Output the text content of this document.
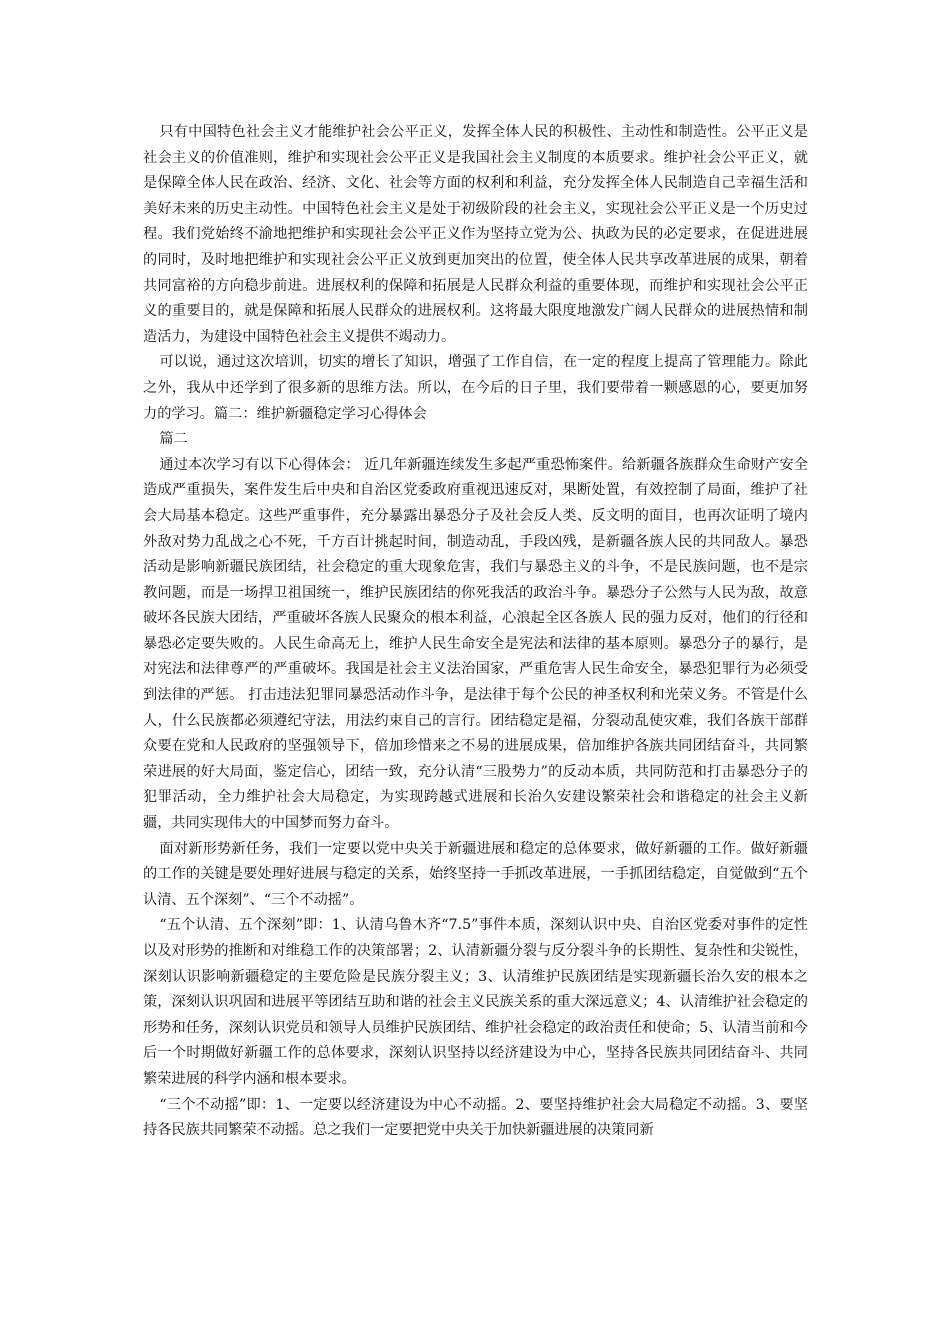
只有中国特色社会主义才能维护社会公平正义，发挥全体人民的积极性、主动性和制造性。公平正义是社会主义的价值准则，维护和实现社会公平正义是我国社会主义制度的本质要求。维护社会公平正义，就是保障全体人民在政治、经济、文化、社会等方面的权利和利益，充分发挥全体人民制造自己幸福生活和美好未来的历史主动性。中国特色社会主义是处于初级阶段的社会主义，实现社会公平正义是一个历史过程。我们党始终不渝地把维护和实现社会公平正义作为坚持立党为公、执政为民的必定要求，在促进进展的同时，及时地把维护和实现社会公平正义放到更加突出的位置，使全体人民共享改革进展的成果，朝着共同富裕的方向稳步前进。进展权利的保障和拓展是人民群众利益的重要体现，而维护和实现社会公平正义的重要目的，就是保障和拓展人民群众的进展权利。这将最大限度地激发广阔人民群众的进展热情和制造活力，为建设中国特色社会主义提供不竭动力。

可以说，通过这次培训，切实的增长了知识，增强了工作自信，在一定的程度上提高了管理能力。除此之外，我从中还学到了很多新的思维方法。所以，在今后的日子里，我们要带着一颗感恩的心，要更加努力的学习。篇二：维护新疆稳定学习心得体会

篇二

通过本次学习有以下心得体会： 近几年新疆连续发生多起严重恐怖案件。给新疆各族群众生命财产安全造成严重损失，案件发生后中央和自治区党委政府重视迅速反对，果断处置，有效控制了局面，维护了社会大局基本稳定。这些严重事件，充分暴露出暴恐分子及社会反人类、反文明的面目，也再次证明了境内外敌对势力乱战之心不死，千方百计挑起时间，制造动乱，手段凶残，是新疆各族人民的共同敌人。暴恐活动是影响新疆民族团结，社会稳定的重大现象危害，我们与暴恐主义的斗争，不是民族问题，也不是宗教问题，而是一场捍卫祖国统一，维护民族团结的你死我活的政治斗争。暴恐分子公然与人民为敌，故意破坏各民族大团结，严重破坏各族人民聚众的根本利益，心浪起全区各族人 民的强力反对，他们的行径和暴恐必定要失败的。人民生命高无上，维护人民生命安全是宪法和法律的基本原则。暴恐分子的暴行，是对宪法和法律尊严的严重破坏。我国是社会主义法治国家，严重危害人民生命安全，暴恐犯罪行为必须受到法律的严惩。 打击违法犯罪同暴恐活动作斗争，是法律于每个公民的神圣权利和光荣义务。不管是什么人，什么民族都必须遵纪守法，用法约束自己的言行。团结稳定是福，分裂动乱使灾难，我们各族干部群众要在党和人民政府的坚强领导下，倍加珍惜来之不易的进展成果，倍加维护各族共同团结奋斗，共同繁荣进展的好大局面，鉴定信心，团结一致，充分认清“三股势力”的反动本质，共同防范和打击暴恐分子的犯罪活动，全力维护社会大局稳定，为实现跨越式进展和长治久安建设繁荣社会和谐稳定的社会主义新疆，共同实现伟大的中国梦而努力奋斗。

面对新形势新任务，我们一定要以党中央关于新疆进展和稳定的总体要求，做好新疆的工作。做好新疆的工作的关键是要处理好进展与稳定的关系，始终坚持一手抓改革进展，一手抓团结稳定，自觉做到“五个认清、五个深刻”、“三个不动摇”。

“五个认清、五个深刻”即：1、认清乌鲁木齐“7.5”事件本质，深刻认识中央、自治区党委对事件的定性以及对形势的推断和对维稳工作的决策部署；2、认清新疆分裂与反分裂斗争的长期性、复杂性和尖锐性，深刻认识影响新疆稳定的主要危险是民族分裂主义；3、认清维护民族团结是实现新疆长治久安的根本之策，深刻认识巩固和进展平等团结互助和谐的社会主义民族关系的重大深远意义；4、认清维护社会稳定的形势和任务，深刻认识党员和领导人员维护民族团结、维护社会稳定的政治责任和使命；5、认清当前和今后一个时期做好新疆工作的总体要求，深刻认识坚持以经济建设为中心，坚持各民族共同团结奋斗、共同繁荣进展的科学内涵和根本要求。

“三个不动摇”即：1、一定要以经济建设为中心不动摇。2、要坚持维护社会大局稳定不动摇。3、要坚持各民族共同繁荣不动摇。总之我们一定要把党中央关于加快新疆进展的决策同新
